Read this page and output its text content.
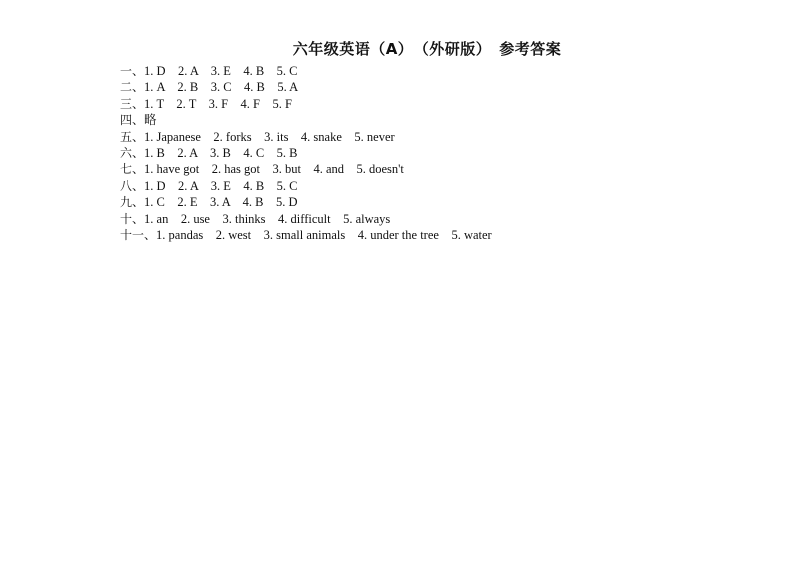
六年级英语（A）　（外研版）　参考答案
一、1. D　2. A　3. E　4. B　5. C
二、1. A　2. B　3. C　4. B　5. A
三、1. T　2. T　3. F　4. F　5. F
四、略
五、1. Japanese　2. forks　3. its　4. snake　5. never
六、1. B　2. A　3. B　4. C　5. B
七、1. have got　2. has got　3. but　4. and　5. doesn't
八、1. D　2. A　3. E　4. B　5. C
九、1. C　2. E　3. A　4. B　5. D
十、1. an　2. use　3. thinks　4. difficult　5. always
十一、1. pandas　2. west　3. small animals　4. under the tree　5. water
